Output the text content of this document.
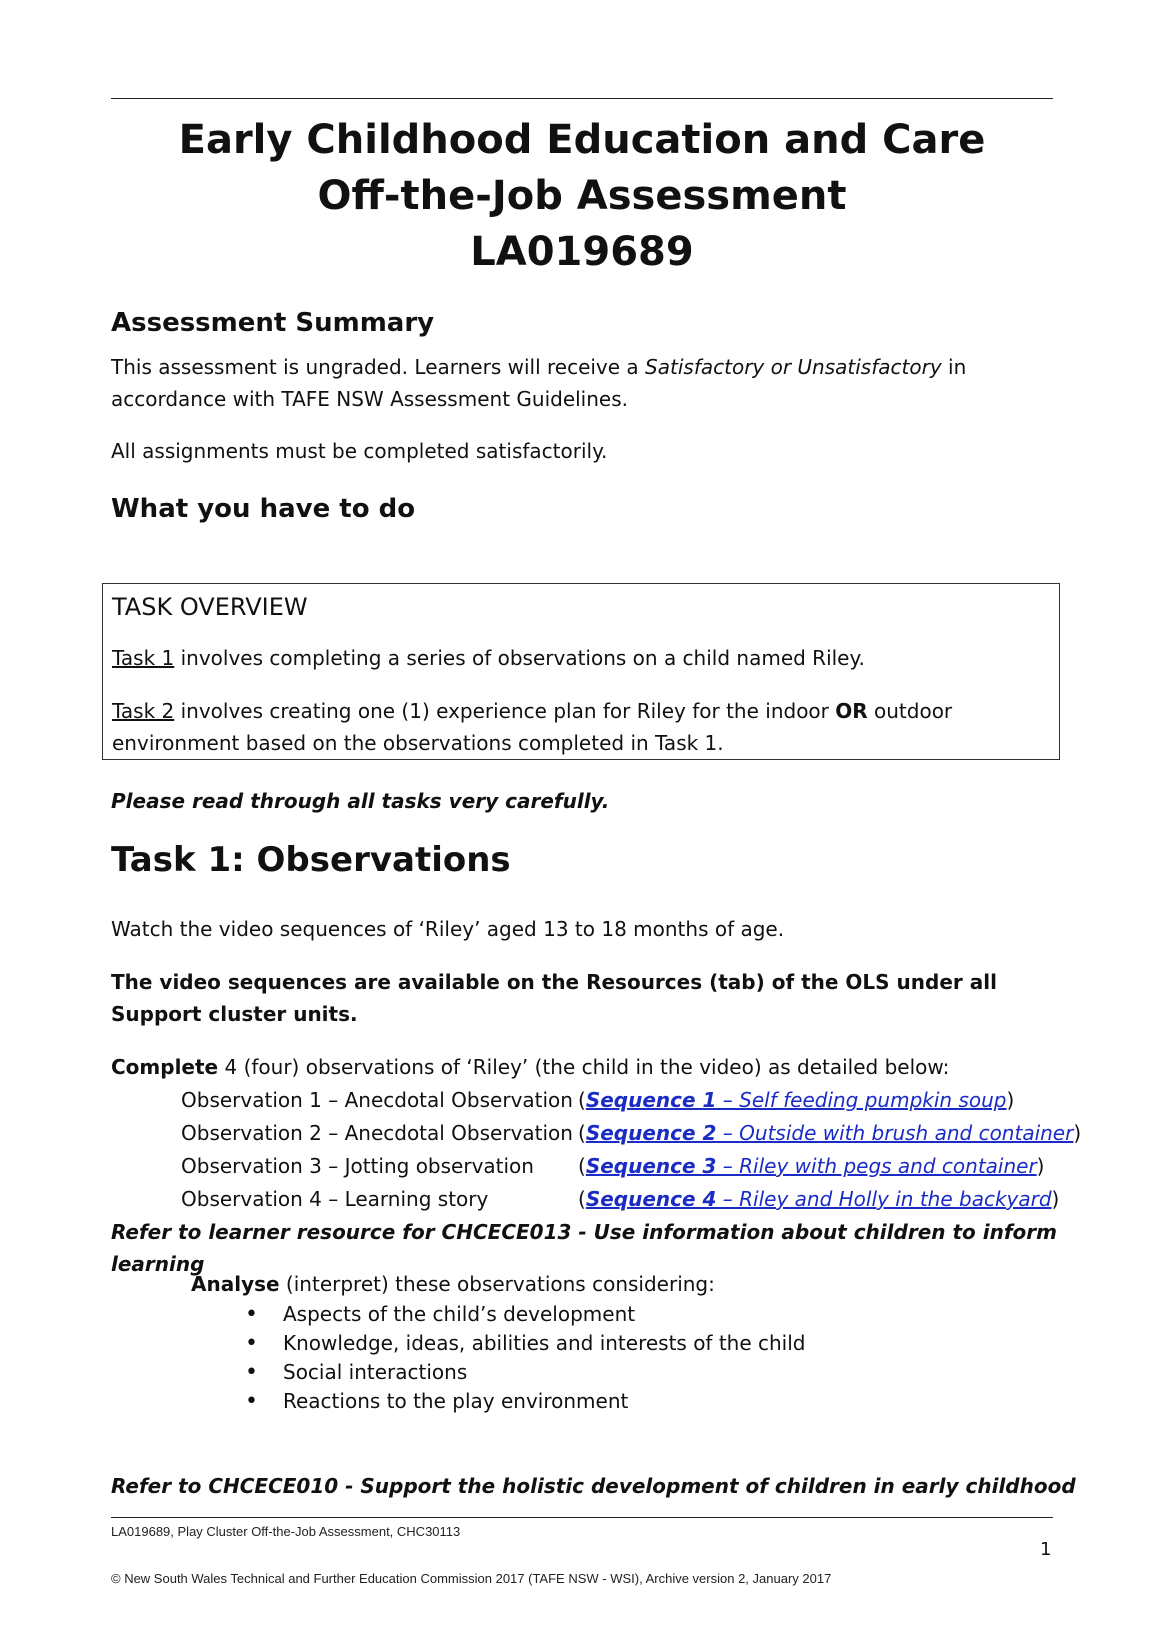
Early Childhood Education and Care
Off-the-Job Assessment
LA019689
Assessment Summary
This assessment is ungraded. Learners will receive a Satisfactory or Unsatisfactory in accordance with TAFE NSW Assessment Guidelines.
All assignments must be completed satisfactorily.
What you have to do
TASK OVERVIEW
Task 1 involves completing a series of observations on a child named Riley.
Task 2 involves creating one (1) experience plan for Riley for the indoor OR outdoor environment based on the observations completed in Task 1.
Please read through all tasks very carefully.
Task 1: Observations
Watch the video sequences of ‘Riley’ aged 13 to 18 months of age.
The video sequences are available on the Resources (tab) of the OLS under all Support cluster units.
Complete 4 (four) observations of ‘Riley’ (the child in the video) as detailed below:
Observation 1 – Anecdotal Observation (Sequence 1 – Self feeding pumpkin soup)
Observation 2 – Anecdotal Observation (Sequence 2 – Outside with brush and container)
Observation 3 – Jotting observation (Sequence 3 – Riley with pegs and container)
Observation 4 – Learning story	(Sequence 4 – Riley and Holly in the backyard)
Refer to learner resource for CHCECE013 - Use information about children to inform learning
Analyse (interpret) these observations considering:
• Aspects of the child’s development
• Knowledge, ideas, abilities and interests of the child
• Social interactions
• Reactions to the play environment
Refer to CHCECE010 - Support the holistic development of children in early childhood
LA019689, Play Cluster Off-the-Job Assessment, CHC30113
1
© New South Wales Technical and Further Education Commission 2017 (TAFE NSW - WSI), Archive version 2, January 2017
